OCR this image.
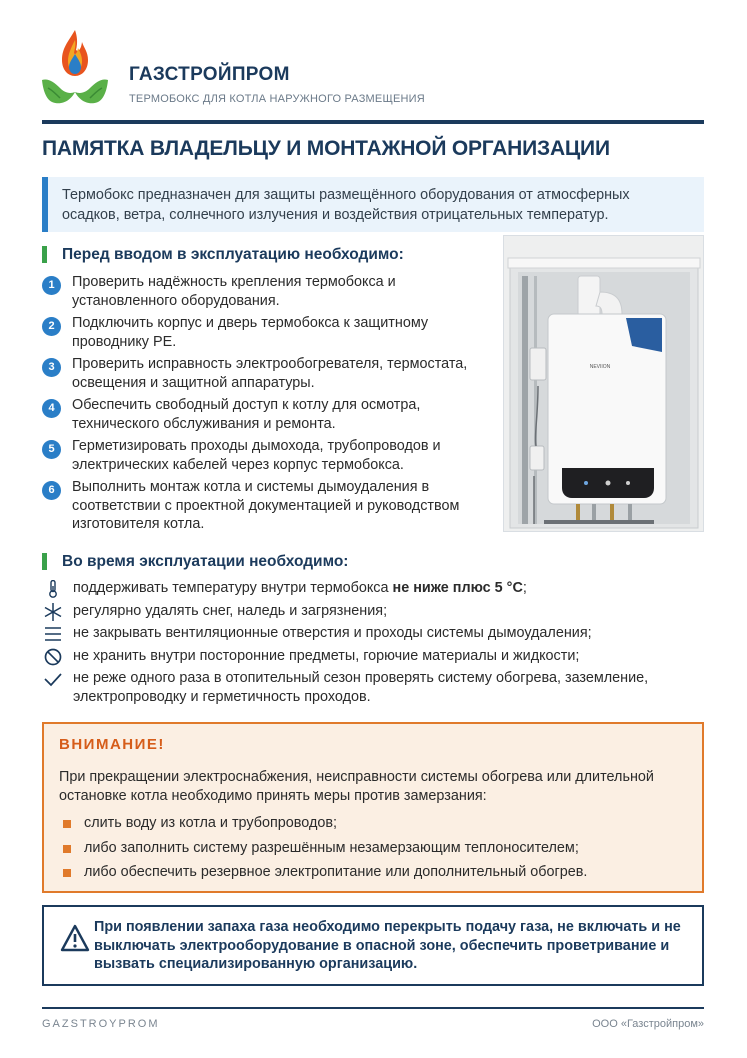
ГАЗСТРОЙПРОМ
ТЕРМОБОКС ДЛЯ КОТЛА НАРУЖНОГО РАЗМЕЩЕНИЯ
ПАМЯТКА ВЛАДЕЛЬЦУ И МОНТАЖНОЙ ОРГАНИЗАЦИИ
Термобокс предназначен для защиты размещённого оборудования от атмосферных осадков, ветра, солнечного излучения и воздействия отрицательных температур.
Перед вводом в эксплуатацию необходимо:
1	Проверить надёжность крепления термобокса и установленного оборудования.
2	Подключить корпус и дверь термобокса к защитному проводнику PE.
3	Проверить исправность электрообогревателя, термостата, освещения и защитной аппаратуры.
4	Обеспечить свободный доступ к котлу для осмотра, технического обслуживания и ремонта.
5	Герметизировать проходы дымохода, трубопроводов и электрических кабелей через корпус термобокса.
6	Выполнить монтаж котла и системы дымоудаления в соответствии с проектной документацией и руководством изготовителя котла.
NEVIION
Во время эксплуатации необходимо:
поддерживать температуру внутри термобокса не ниже плюс 5 °С;
регулярно удалять снег, наледь и загрязнения;
не закрывать вентиляционные отверстия и проходы системы дымоудаления;
не хранить внутри посторонние предметы, горючие материалы и жидкости;
не реже одного раза в отопительный сезон проверять систему обогрева, заземление, электропроводку и герметичность проходов.
ВНИМАНИЕ!
При прекращении электроснабжения, неисправности системы обогрева или длительной остановке котла необходимо принять меры против замерзания:
слить воду из котла и трубопроводов;
либо заполнить систему разрешённым незамерзающим теплоносителем;
либо обеспечить резервное электропитание или дополнительный обогрев.
При появлении запаха газа необходимо перекрыть подачу газа, не включать и не выключать электрооборудование в опасной зоне, обеспечить проветривание и вызвать специализированную организацию.
GAZSTROYPROM	ООО «Газстройпром»
